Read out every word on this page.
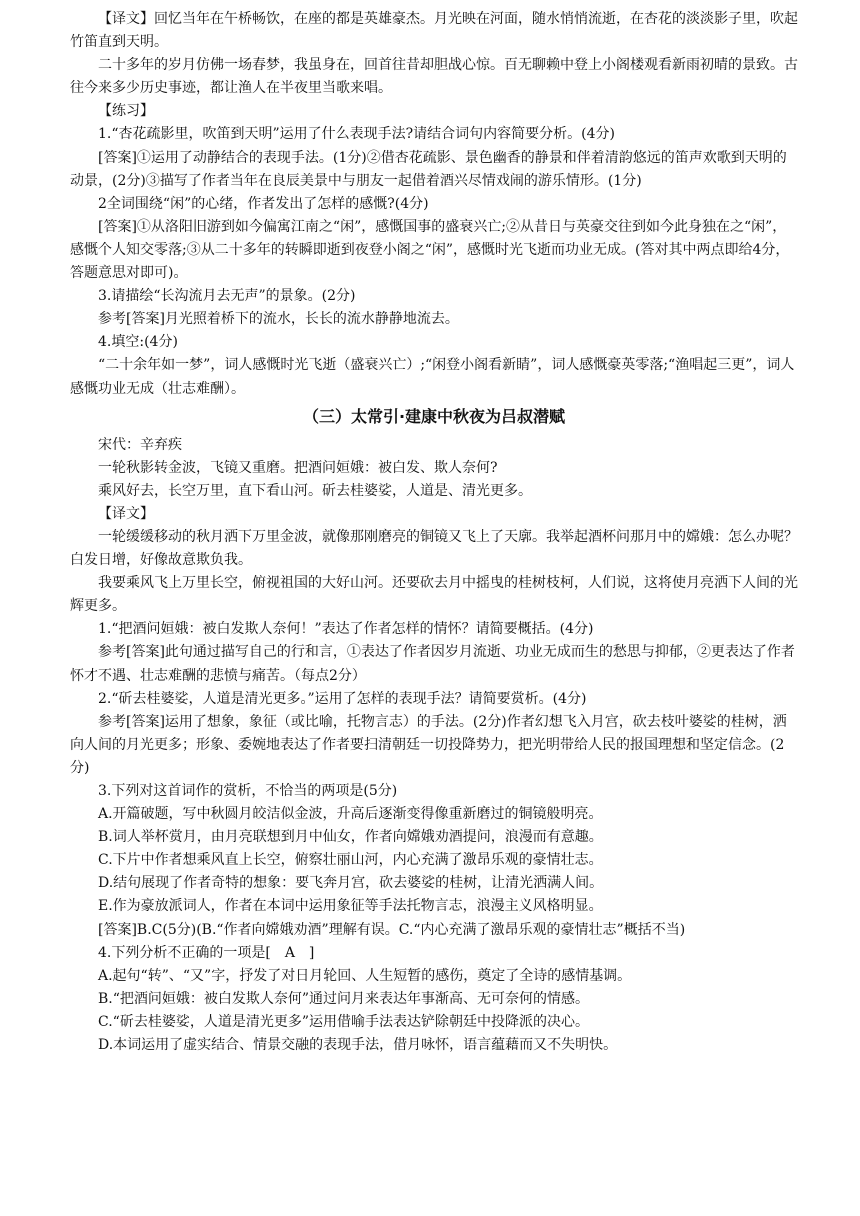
【译文】回忆当年在午桥畅饮，在座的都是英雄豪杰。月光映在河面，随水悄悄流逝，在杏花的淡淡影子里，吹起竹笛直到天明。

二十多年的岁月仿佛一场春梦，我虽身在，回首往昔却胆战心惊。百无聊赖中登上小阁楼观看新雨初晴的景致。古往今来多少历史事迹，都让渔人在半夜里当歌来唱。

【练习】

1.“杏花疏影里，吹笛到天明”运用了什么表现手法?请结合词句内容简要分析。(4分)

[答案]①运用了动静结合的表现手法。(1分)②借杏花疏影、景色幽香的静景和伴着清韵悠远的笛声欢歌到天明的动景，(2分)③描写了作者当年在良辰美景中与朋友一起借着酒兴尽情戏闹的游乐情形。(1分)

2全词围绕“闲”的心绪，作者发出了怎样的感慨?(4分)

[答案]①从洛阳旧游到如今偏寓江南之“闲”，感慨国事的盛衰兴亡;②从昔日与英豪交往到如今此身独在之“闲”，感慨个人知交零落;③从二十多年的转瞬即逝到夜登小阁之“闲”，感慨时光飞逝而功业无成。(答对其中两点即给4分，答题意思对即可)。

3.请描绘“长沟流月去无声”的景象。(2分)

参考[答案]月光照着桥下的流水，长长的流水静静地流去。

4.填空:(4分)

“二十余年如一梦”，词人感慨时光飞逝（盛衰兴亡）;“闲登小阁看新睛”，词人感慨豪英零落;“渔唱起三更”，词人感慨功业无成（壮志难酬）。

（三）太常引·建康中秋夜为吕叔潜赋

宋代：辛弃疾

一轮秋影转金波，飞镜又重磨。把酒问姮娥：被白发、欺人奈何?

乘风好去，长空万里，直下看山河。斫去桂婆娑，人道是、清光更多。

【译文】

一轮缓缓移动的秋月洒下万里金波，就像那刚磨亮的铜镜又飞上了天廓。我举起酒杯问那月中的嫦娥：怎么办呢？白发日增，好像故意欺负我。

我要乘风飞上万里长空，俯视祖国的大好山河。还要砍去月中摇曳的桂树枝柯，人们说，这将使月亮洒下人间的光辉更多。

1.“把酒问姮娥：被白发欺人奈何！”表达了作者怎样的情怀？请简要概括。(4分)

参考[答案]此句通过描写自己的行和言，①表达了作者因岁月流逝、功业无成而生的愁思与抑郁，②更表达了作者怀才不遇、壮志难酬的悲愤与痛苦。（每点2分）

2.“斫去桂婆娑，人道是清光更多。”运用了怎样的表现手法？请简要赏析。(4分)

参考[答案]运用了想象，象征（或比喻，托物言志）的手法。(2分)作者幻想飞入月宫，砍去枝叶婆娑的桂树，洒向人间的月光更多；形象、委婉地表达了作者要扫清朝廷一切投降势力，把光明带给人民的报国理想和坚定信念。(2分)

3.下列对这首词作的赏析，不恰当的两项是(5分)

A.开篇破题，写中秋圆月皎洁似金波，升高后逐渐变得像重新磨过的铜镜般明亮。

B.词人举杯赏月，由月亮联想到月中仙女，作者向嫦娥劝酒提问，浪漫而有意趣。

C.下片中作者想乘风直上长空，俯察壮丽山河，内心充满了激昂乐观的豪情壮志。

D.结句展现了作者奇特的想象：要飞奔月宫，砍去婆娑的桂树，让清光洒满人间。

E.作为豪放派词人，作者在本词中运用象征等手法托物言志，浪漫主义风格明显。

[答案]B.C(5分)(B.“作者向嫦娥劝酒”理解有误。C.“内心充满了激昂乐观的豪情壮志”概括不当)

4.下列分析不正确的一项是[　A　]

A.起句“转”、“又”字，抒发了对日月轮回、人生短暂的感伤，奠定了全诗的感情基调。

B.“把酒问姮娥：被白发欺人奈何”通过问月来表达年事渐高、无可奈何的情感。

C.“斫去桂婆娑，人道是清光更多”运用借喻手法表达铲除朝廷中投降派的决心。

D.本词运用了虚实结合、情景交融的表现手法，借月咏怀，语言蕴藉而又不失明快。
